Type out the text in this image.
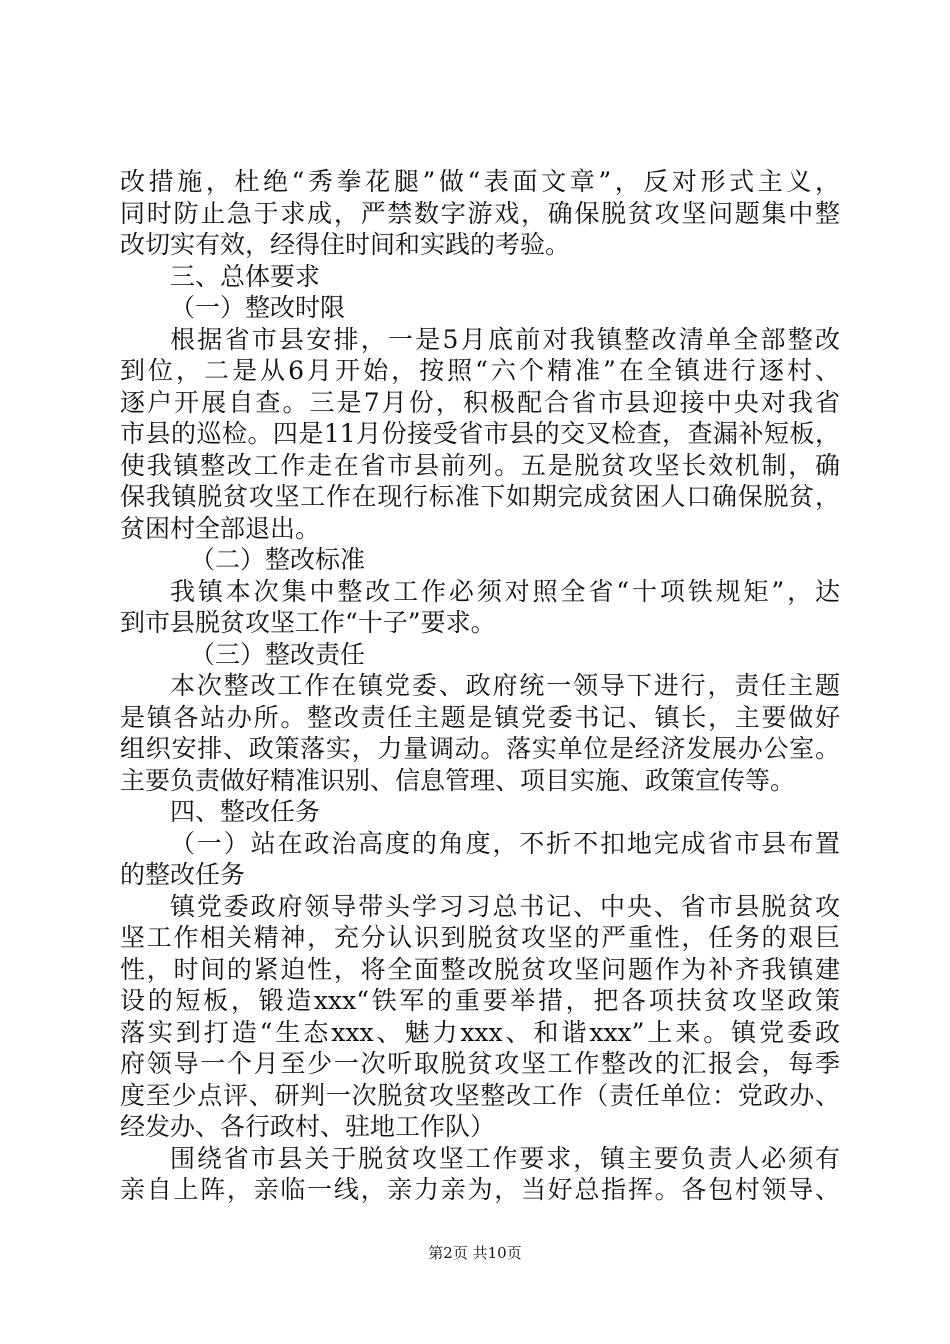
改措施，杜绝“秀拳花腿”做“表面文章”，反对形式主义，
同时防止急于求成，严禁数字游戏，确保脱贫攻坚问题集中整
改切实有效，经得住时间和实践的考验。
三、总体要求
（一）整改时限
根据省市县安排，一是5月底前对我镇整改清单全部整改
到位，二是从6月开始，按照“六个精准”在全镇进行逐村、
逐户开展自查。三是7月份，积极配合省市县迎接中央对我省
市县的巡检。四是11月份接受省市县的交叉检查，查漏补短板，
使我镇整改工作走在省市县前列。五是脱贫攻坚长效机制，确
保我镇脱贫攻坚工作在现行标准下如期完成贫困人口确保脱贫，
贫困村全部退出。
（二）整改标准
我镇本次集中整改工作必须对照全省“十项铁规矩”，达
到市县脱贫攻坚工作“十子”要求。
（三）整改责任
本次整改工作在镇党委、政府统一领导下进行，责任主题
是镇各站办所。整改责任主题是镇党委书记、镇长，主要做好
组织安排、政策落实，力量调动。落实单位是经济发展办公室。
主要负责做好精准识别、信息管理、项目实施、政策宣传等。
四、整改任务
（一）站在政治高度的角度，不折不扣地完成省市县布置
的整改任务
镇党委政府领导带头学习习总书记、中央、省市县脱贫攻
坚工作相关精神，充分认识到脱贫攻坚的严重性，任务的艰巨
性，时间的紧迫性，将全面整改脱贫攻坚问题作为补齐我镇建
设的短板，锻造xxx“铁军的重要举措，把各项扶贫攻坚政策
落实到打造“生态xxx、魅力xxx、和谐xxx”上来。镇党委政
府领导一个月至少一次听取脱贫攻坚工作整改的汇报会，每季
度至少点评、研判一次脱贫攻坚整改工作（责任单位：党政办、
经发办、各行政村、驻地工作队）
围绕省市县关于脱贫攻坚工作要求，镇主要负责人必须有
亲自上阵，亲临一线，亲力亲为，当好总指挥。各包村领导、
第2页 共10页
